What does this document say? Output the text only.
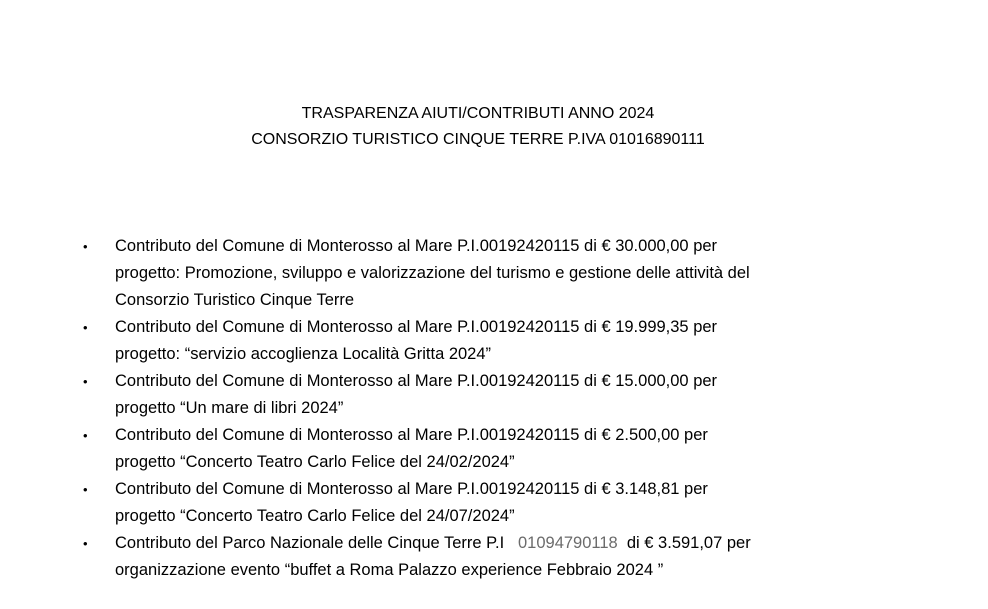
TRASPARENZA AIUTI/CONTRIBUTI ANNO 2024
CONSORZIO TURISTICO CINQUE TERRE P.IVA 01016890111
• Contributo del Comune di Monterosso al Mare P.I.00192420115 di € 30.000,00 per
progetto: Promozione, sviluppo e valorizzazione del turismo e gestione delle attività del
Consorzio Turistico Cinque Terre
• Contributo del Comune di Monterosso al Mare P.I.00192420115 di € 19.999,35 per
progetto: “servizio accoglienza Località Gritta 2024”
• Contributo del Comune di Monterosso al Mare P.I.00192420115 di € 15.000,00 per
progetto “Un mare di libri 2024”
• Contributo del Comune di Monterosso al Mare P.I.00192420115 di € 2.500,00 per
progetto “Concerto Teatro Carlo Felice del 24/02/2024”
• Contributo del Comune di Monterosso al Mare P.I.00192420115 di € 3.148,81 per
progetto “Concerto Teatro Carlo Felice del 24/07/2024”
• Contributo del Parco Nazionale delle Cinque Terre P.I 01094790118 di € 3.591,07 per
organizzazione evento “buffet a Roma Palazzo experience Febbraio 2024 ”
